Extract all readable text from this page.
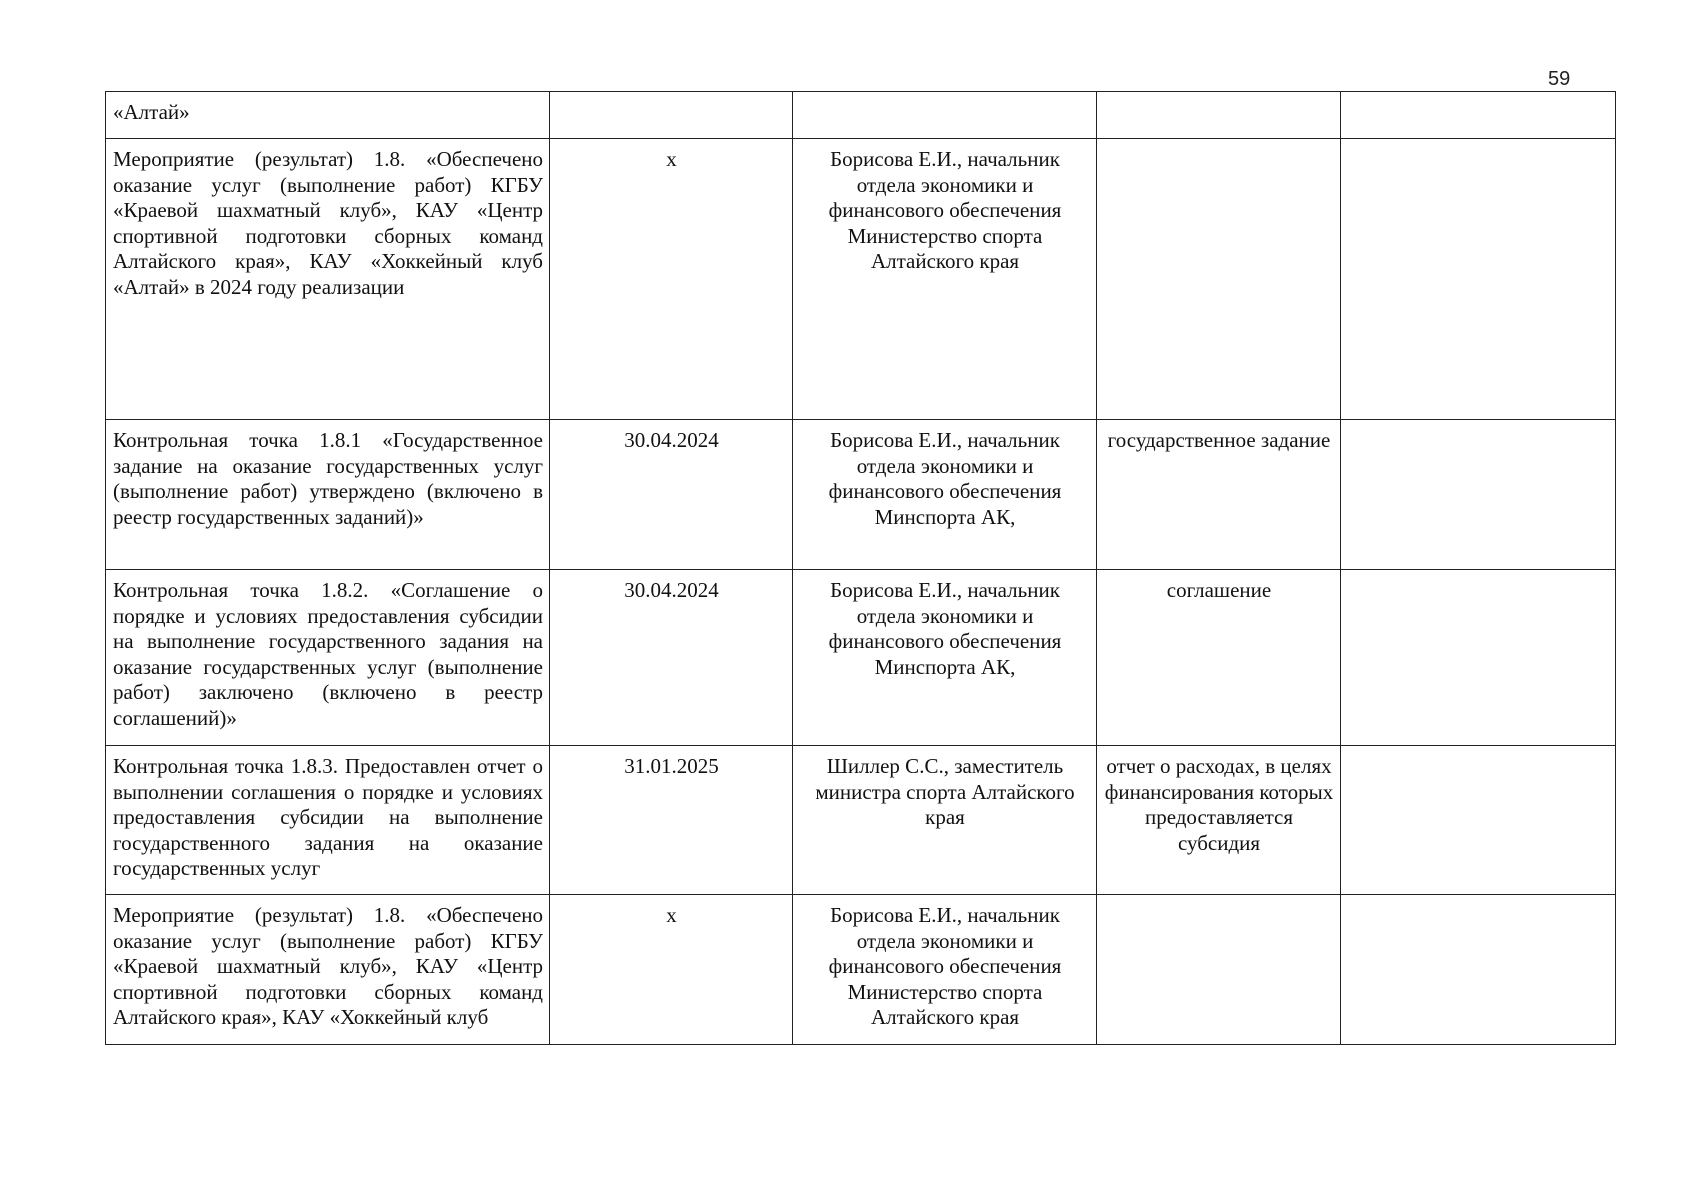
59
«Алтай»				

Мероприятие (результат) 1.8. «Обеспечено оказание услуг (выполнение работ) КГБУ «Краевой шахматный клуб», КАУ «Центр спортивной подготовки сборных команд Алтайского края», КАУ «Хоккейный клуб «Алтай» в 2024 году реализации	х	Борисова Е.И., начальник отдела экономики и финансового обеспечения Министерство спорта Алтайского края		

Контрольная точка 1.8.1 «Государственное задание на оказание государственных услуг (выполнение работ) утверждено (включено в реестр государственных заданий)»	30.04.2024	Борисова Е.И., начальник отдела экономики и финансового обеспечения Минспорта АК,	государственное задание	

Контрольная точка 1.8.2. «Соглашение о порядке и условиях предоставления субсидии на выполнение государственного задания на оказание государственных услуг (выполнение работ) заключено (включено в реестр соглашений)»	30.04.2024	Борисова Е.И., начальник отдела экономики и финансового обеспечения Минспорта АК,	соглашение	

Контрольная точка 1.8.3. Предоставлен отчет о выполнении соглашения о порядке и условиях предоставления субсидии на выполнение государственного задания на оказание государственных услуг	31.01.2025	Шиллер С.С., заместитель министра спорта Алтайского края	отчет о расходах, в целях финансирования которых предоставляется субсидия	

Мероприятие (результат) 1.8. «Обеспечено оказание услуг (выполнение работ) КГБУ «Краевой шахматный клуб», КАУ «Центр спортивной подготовки сборных команд Алтайского края», КАУ «Хоккейный клуб	х	Борисова Е.И., начальник отдела экономики и финансового обеспечения Министерство спорта Алтайского края		
